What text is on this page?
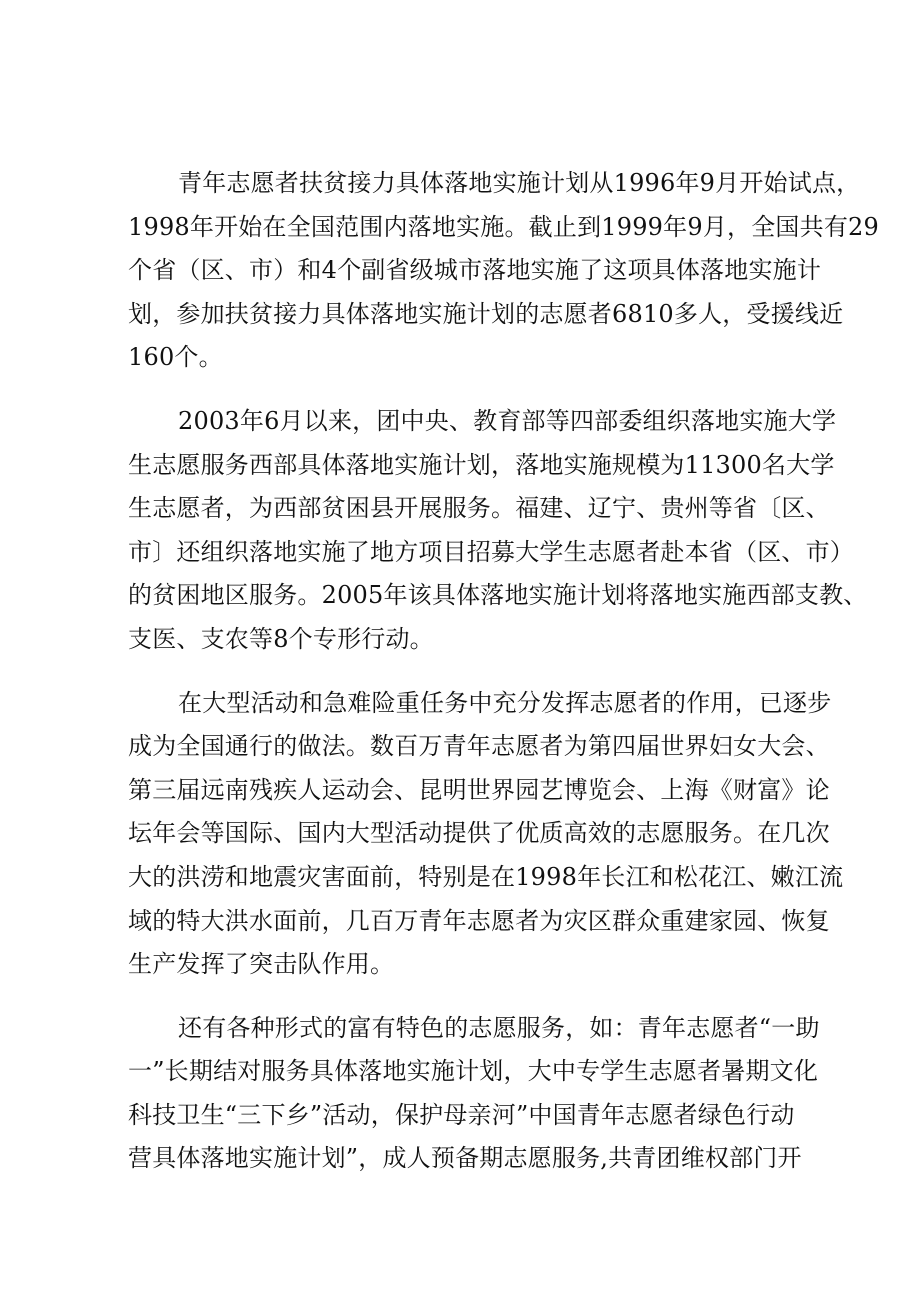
青年志愿者扶贫接力具体落地实施计划从1996年9月开始试点，
1998年开始在全国范围内落地实施。截止到1999年9月，全国共有29
个省（区、市）和4个副省级城市落地实施了这项具体落地实施计
划，参加扶贫接力具体落地实施计划的志愿者6810多人，受援线近
160个。

2003年6月以来，团中央、教育部等四部委组织落地实施大学
生志愿服务西部具体落地实施计划，落地实施规模为11300名大学
生志愿者，为西部贫困县开展服务。福建、辽宁、贵州等省〔区、
市〕还组织落地实施了地方项目招募大学生志愿者赴本省（区、市）
的贫困地区服务。2005年该具体落地实施计划将落地实施西部支教、
支医、支农等8个专形行动。

在大型活动和急难险重任务中充分发挥志愿者的作用，已逐步
成为全国通行的做法。数百万青年志愿者为第四届世界妇女大会、
第三届远南残疾人运动会、昆明世界园艺博览会、上海《财富》论
坛年会等国际、国内大型活动提供了优质高效的志愿服务。在几次
大的洪涝和地震灾害面前，特别是在1998年长江和松花江、嫩江流
域的特大洪水面前，几百万青年志愿者为灾区群众重建家园、恢复
生产发挥了突击队作用。

还有各种形式的富有特色的志愿服务，如：青年志愿者“一助
一”长期结对服务具体落地实施计划，大中专学生志愿者暑期文化
科技卫生“三下乡”活动，保护母亲河”中国青年志愿者绿色行动
营具体落地实施计划”，成人预备期志愿服务,共青团维权部门开
